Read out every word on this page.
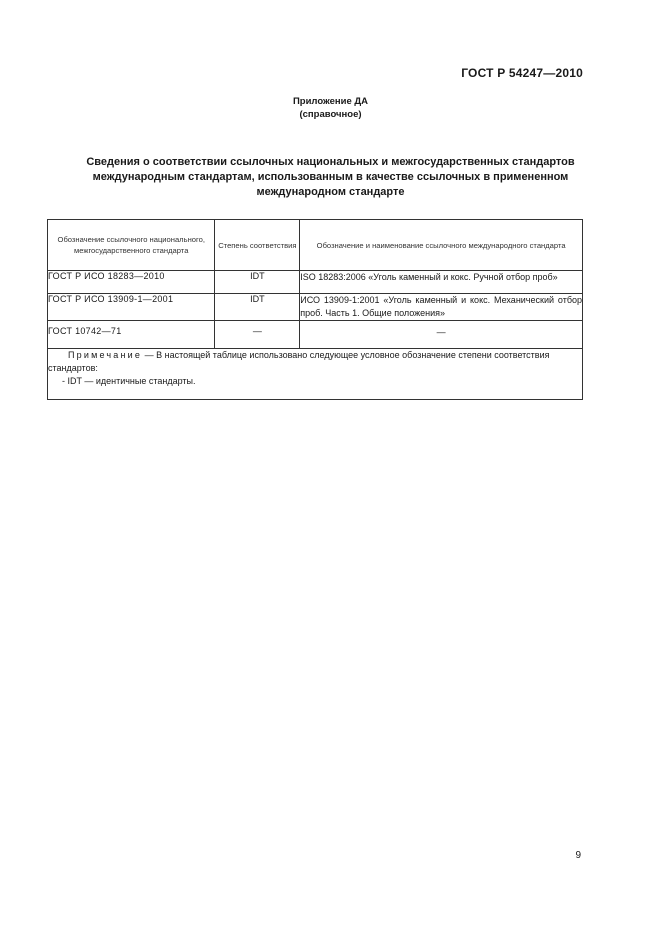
ГОСТ Р 54247—2010
Приложение ДА
(справочное)
Сведения о соответствии ссылочных национальных и межгосударственных стандартов
международным стандартам, использованным в качестве ссылочных в примененном
международном стандарте
Обозначение ссылочного национального, межгосударственного стандарта	Степень соответствия	Обозначение и наименование ссылочного международного стандарта
ГОСТ Р ИСО 18283—2010	IDT	ISO 18283:2006 «Уголь каменный и кокс. Ручной отбор проб»
ГОСТ Р ИСО 13909-1—2001	IDT	ИСО 13909-1:2001 «Уголь каменный и кокс. Механический отбор проб. Часть 1. Общие положения»
ГОСТ 10742—71	—	—
Примечание — В настоящей таблице использовано следующее условное обозначение степени соответствия стандартов:
- IDT — идентичные стандарты.		
9
